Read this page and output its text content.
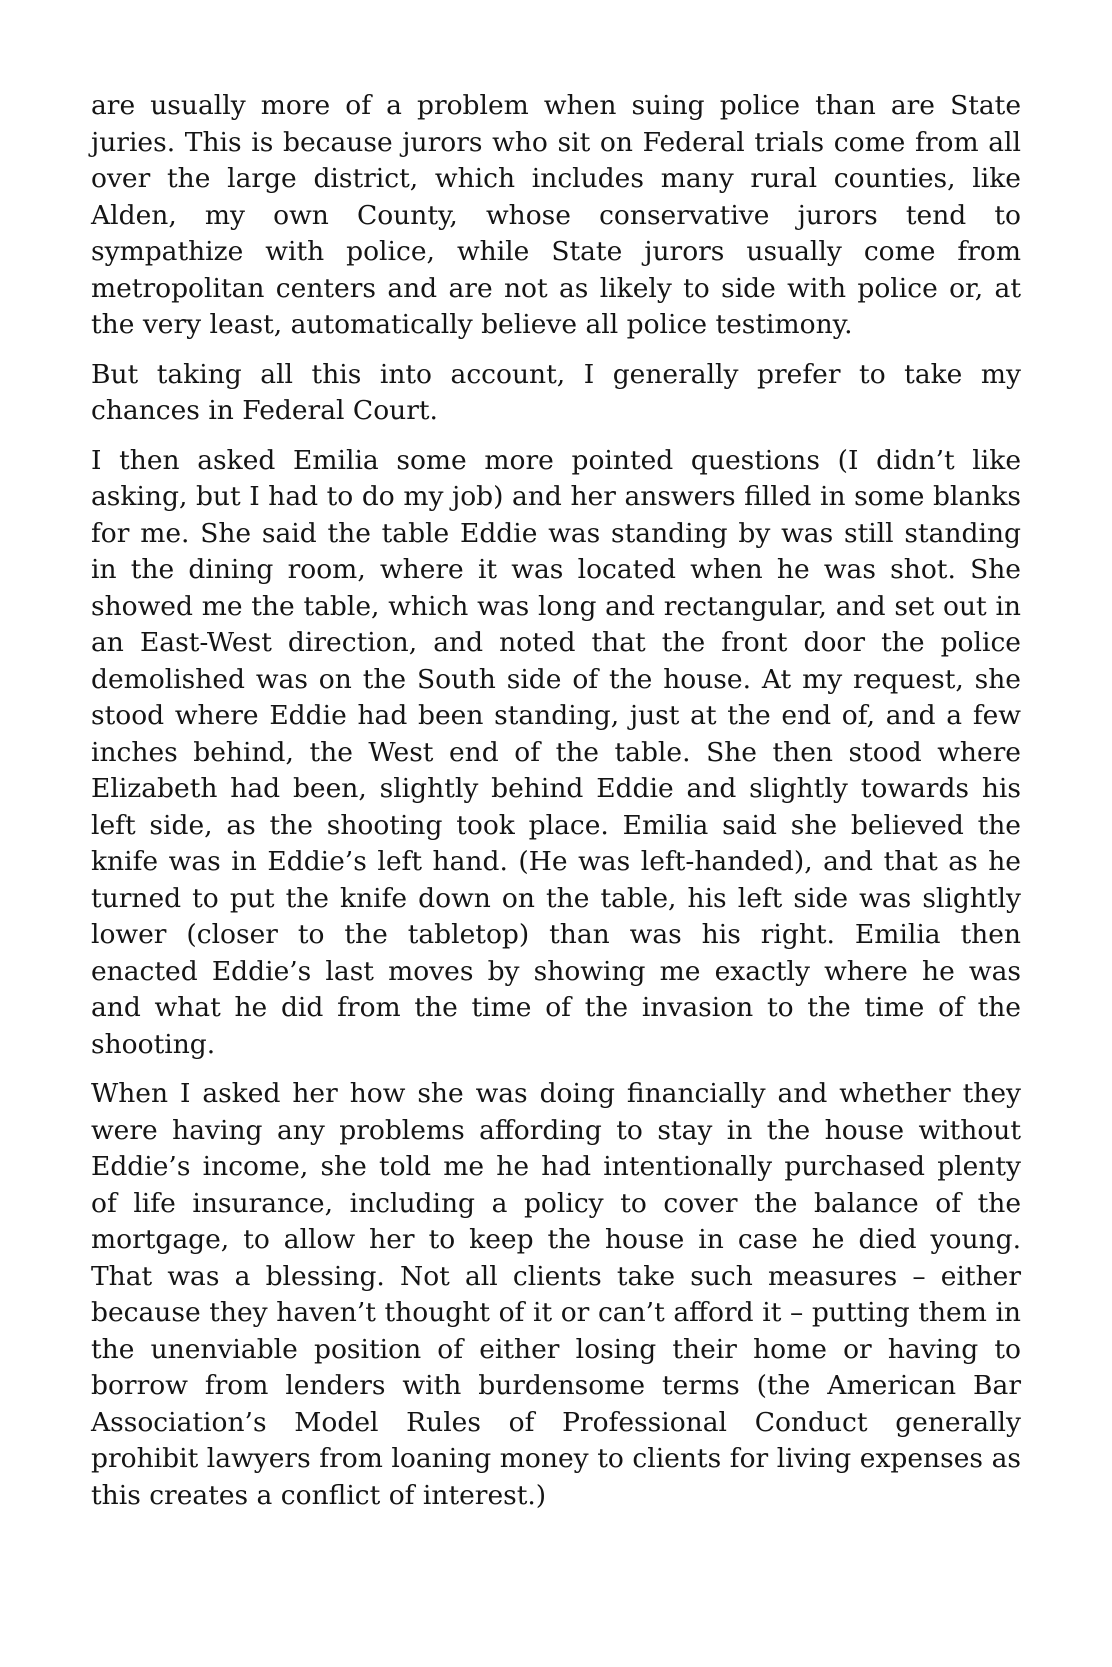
are usually more of a problem when suing police than are State juries. This is because jurors who sit on Federal trials come from all over the large district, which includes many rural counties, like Alden, my own County, whose conservative jurors tend to sympathize with police, while State jurors usually come from metropolitan centers and are not as likely to side with police or, at the very least, automatically believe all police testimony.

But taking all this into account, I generally prefer to take my chances in Federal Court.

I then asked Emilia some more pointed questions (I didn’t like asking, but I had to do my job) and her answers filled in some blanks for me. She said the table Eddie was standing by was still standing in the dining room, where it was located when he was shot. She showed me the table, which was long and rectangular, and set out in an East-West direction, and noted that the front door the police demolished was on the South side of the house. At my request, she stood where Eddie had been standing, just at the end of, and a few inches behind, the West end of the table. She then stood where Elizabeth had been, slightly behind Eddie and slightly towards his left side, as the shooting took place. Emilia said she believed the knife was in Eddie’s left hand. (He was left-handed), and that as he turned to put the knife down on the table, his left side was slightly lower (closer to the tabletop) than was his right. Emilia then enacted Eddie’s last moves by showing me exactly where he was and what he did from the time of the invasion to the time of the shooting.

When I asked her how she was doing financially and whether they were having any problems affording to stay in the house without Eddie’s income, she told me he had intentionally purchased plenty of life insurance, including a policy to cover the balance of the mortgage, to allow her to keep the house in case he died young. That was a blessing. Not all clients take such measures – either because they haven’t thought of it or can’t afford it – putting them in the unenviable position of either losing their home or having to borrow from lenders with burdensome terms (the American Bar Association’s Model Rules of Professional Conduct generally prohibit lawyers from loaning money to clients for living expenses as this creates a conflict of interest.)
